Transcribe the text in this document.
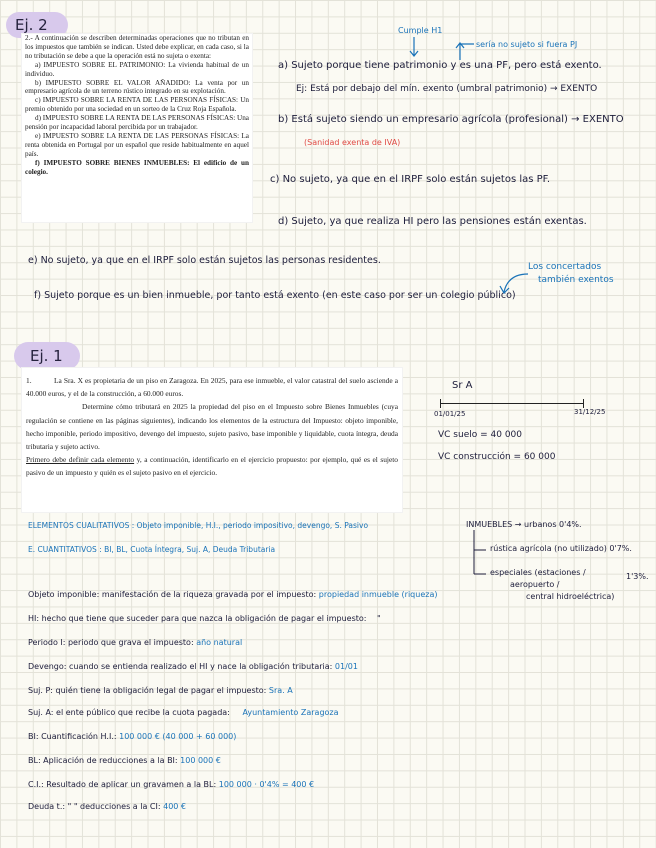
Ej. 2

2.- A continuación se describen determinadas operaciones que no tributan en los impuestos que también se indican. Usted debe explicar, en cada caso, si la no tributación se debe a que la operación está no sujeta o exenta:

a) IMPUESTO SOBRE EL PATRIMONIO: La vivienda habitual de un individuo.

b) IMPUESTO SOBRE EL VALOR AÑADIDO: La venta por un empresario agrícola de un terreno rústico integrado en su explotación.

c) IMPUESTO SOBRE LA RENTA DE LAS PERSONAS FÍSICAS: Un premio obtenido por una sociedad en un sorteo de la Cruz Roja Española.

d) IMPUESTO SOBRE LA RENTA DE LAS PERSONAS FÍSICAS: Una pensión por incapacidad laboral percibida por un trabajador.

e) IMPUESTO SOBRE LA RENTA DE LAS PERSONAS FÍSICAS: La renta obtenida en Portugal por un español que reside habitualmente en aquel país.

f) IMPUESTO SOBRE BIENES INMUEBLES: El edificio de un colegio.

Cumple H1
sería no sujeto si fuera PJ
a) Sujeto porque tiene patrimonio y es una PF, pero está exento.
Ej: Está por debajo del mín. exento (umbral patrimonio) → EXENTO
b) Está sujeto siendo un empresario agrícola (profesional) → EXENTO
(Sanidad exenta de IVA)
c) No sujeto, ya que en el IRPF solo están sujetos las PF.
d) Sujeto, ya que realiza HI pero las pensiones están exentas.
e) No sujeto, ya que en el IRPF solo están sujetos las personas residentes.
f) Sujeto porque es un bien inmueble, por tanto está exento (en este caso por ser un colegio público)
Los concertados
también exentos
Ej. 1

1.	La Sra. X es propietaria de un piso en Zaragoza. En 2025, para ese inmueble, el valor catastral del suelo asciende a 40.000 euros, y el de la construcción, a 60.000 euros.

Determine cómo tributará en 2025 la propiedad del piso en el Impuesto sobre Bienes Inmuebles (cuya regulación se contiene en las páginas siguientes), indicando los elementos de la estructura del Impuesto: objeto imponible, hecho imponible, periodo impositivo, devengo del impuesto, sujeto pasivo, base imponible y liquidable, cuota íntegra, deuda tributaria y sujeto activo.

Primero debe definir cada elemento y, a continuación, identificarlo en el ejercicio propuesto: por ejemplo, qué es el sujeto pasivo de un impuesto y quién es el sujeto pasivo en el ejercicio.

Sr A
01/01/25	31/12/25
VC suelo = 40 000
VC construcción = 60 000
ELEMENTOS CUALITATIVOS : Objeto imponible, H.I., periodo impositivo, devengo, S. Pasivo
E. CUANTITATIVOS : BI, BL, Cuota Íntegra, Suj. A, Deuda Tributaria
INMUEBLES → urbanos 0'4%.
rústica agrícola (no utilizado) 0'7%.
especiales (estaciones /
aeropuerto /
central hidroeléctrica)
1'3%.
Objeto imponible: manifestación de la riqueza gravada por el impuesto: propiedad inmueble (riqueza)
HI: hecho que tiene que suceder para que nazca la obligación de pagar el impuesto: "
Periodo I: periodo que grava el impuesto: año natural
Devengo: cuando se entienda realizado el HI y nace la obligación tributaria: 01/01
Suj. P: quién tiene la obligación legal de pagar el impuesto: Sra. A
Suj. A: el ente público que recibe la cuota pagada: Ayuntamiento Zaragoza
BI: Cuantificación H.I.: 100 000 € (40 000 + 60 000)
BL: Aplicación de reducciones a la BI: 100 000 €
C.I.: Resultado de aplicar un gravamen a la BL: 100 000 · 0'4% = 400 €
Deuda t.: " " deducciones a la CI: 400 €
